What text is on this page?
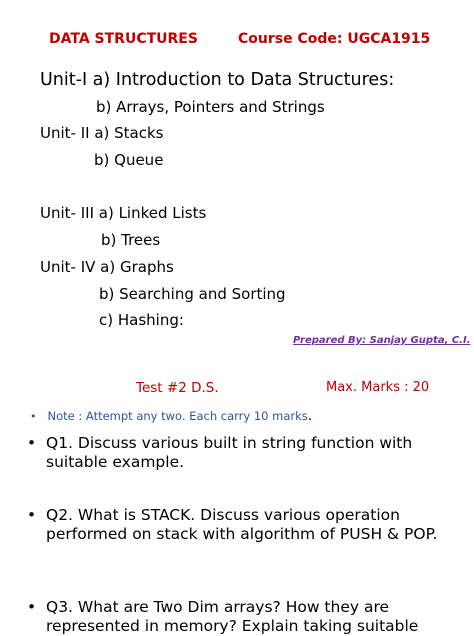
DATA STRUCTURES	Course Code: UGCA1915
Unit-I a) Introduction to Data Structures:
b) Arrays, Pointers and Strings
Unit- II a) Stacks
b) Queue
Unit- III a) Linked Lists
b) Trees
Unit- IV a) Graphs
b) Searching and Sorting
c) Hashing:
Prepared By: Sanjay Gupta, C.I.
Test #2 D.S.	Max. Marks : 20
• Note : Attempt any two. Each carry 10 marks .
• Q1. Discuss various built in string function with suitable example.
• Q2. What is STACK. Discuss various operation performed on stack with algorithm of PUSH & POP.
• Q3. What are Two Dim arrays? How they are represented in memory? Explain taking suitable
